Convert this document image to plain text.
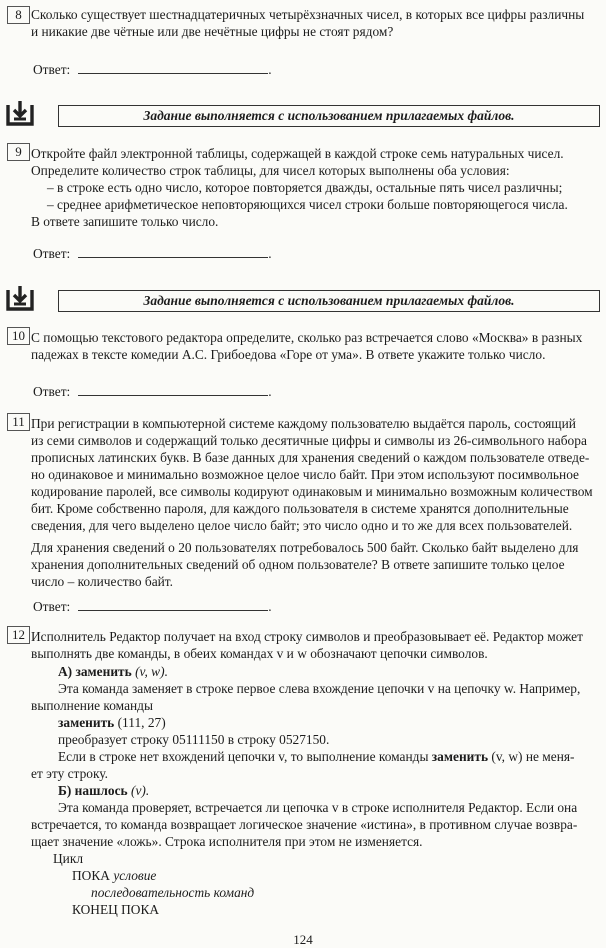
8 Сколько существует шестнадцатеричных четырёхзначных чисел, в которых все цифры различны
и никакие две чётные или две нечётные цифры не стоят рядом?
Ответ:	.
Задание выполняется с использованием прилагаемых файлов.
9 Откройте файл электронной таблицы, содержащей в каждой строке семь натуральных чисел.
Определите количество строк таблицы, для чисел которых выполнены оба условия:
– в строке есть одно число, которое повторяется дважды, остальные пять чисел различны;
– среднее арифметическое неповторяющихся чисел строки больше повторяющегося числа.
В ответе запишите только число.
Ответ:	.
Задание выполняется с использованием прилагаемых файлов.
10 С помощью текстового редактора определите, сколько раз встречается слово «Москва» в разных
падежах в тексте комедии А.С. Грибоедова «Горе от ума». В ответе укажите только число.
Ответ:	.
11 При регистрации в компьютерной системе каждому пользователю выдаётся пароль, состоящий
из семи символов и содержащий только десятичные цифры и символы из 26-символьного набора
прописных латинских букв. В базе данных для хранения сведений о каждом пользователе отведе-
но одинаковое и минимально возможное целое число байт. При этом используют посимвольное
кодирование паролей, все символы кодируют одинаковым и минимально возможным количеством
бит. Кроме собственно пароля, для каждого пользователя в системе хранятся дополнительные
сведения, для чего выделено целое число байт; это число одно и то же для всех пользователей.
Для хранения сведений о 20 пользователях потребовалось 500 байт. Сколько байт выделено для
хранения дополнительных сведений об одном пользователе? В ответе запишите только целое
число – количество байт.
Ответ:	.
12 Исполнитель Редактор получает на вход строку символов и преобразовывает её. Редактор может
выполнять две команды, в обеих командах v и w обозначают цепочки символов.
А) заменить (v, w).
Эта команда заменяет в строке первое слева вхождение цепочки v на цепочку w. Например,
выполнение команды
заменить (111, 27)
преобразует строку 05111150 в строку 0527150.
Если в строке нет вхождений цепочки v, то выполнение команды заменить (v, w) не меня-
ет эту строку.
Б) нашлось (v).
Эта команда проверяет, встречается ли цепочка v в строке исполнителя Редактор. Если она
встречается, то команда возвращает логическое значение «истина», в противном случае возвра-
щает значение «ложь». Строка исполнителя при этом не изменяется.
Цикл
ПОКА условие
последовательность команд
КОНЕЦ ПОКА
124
